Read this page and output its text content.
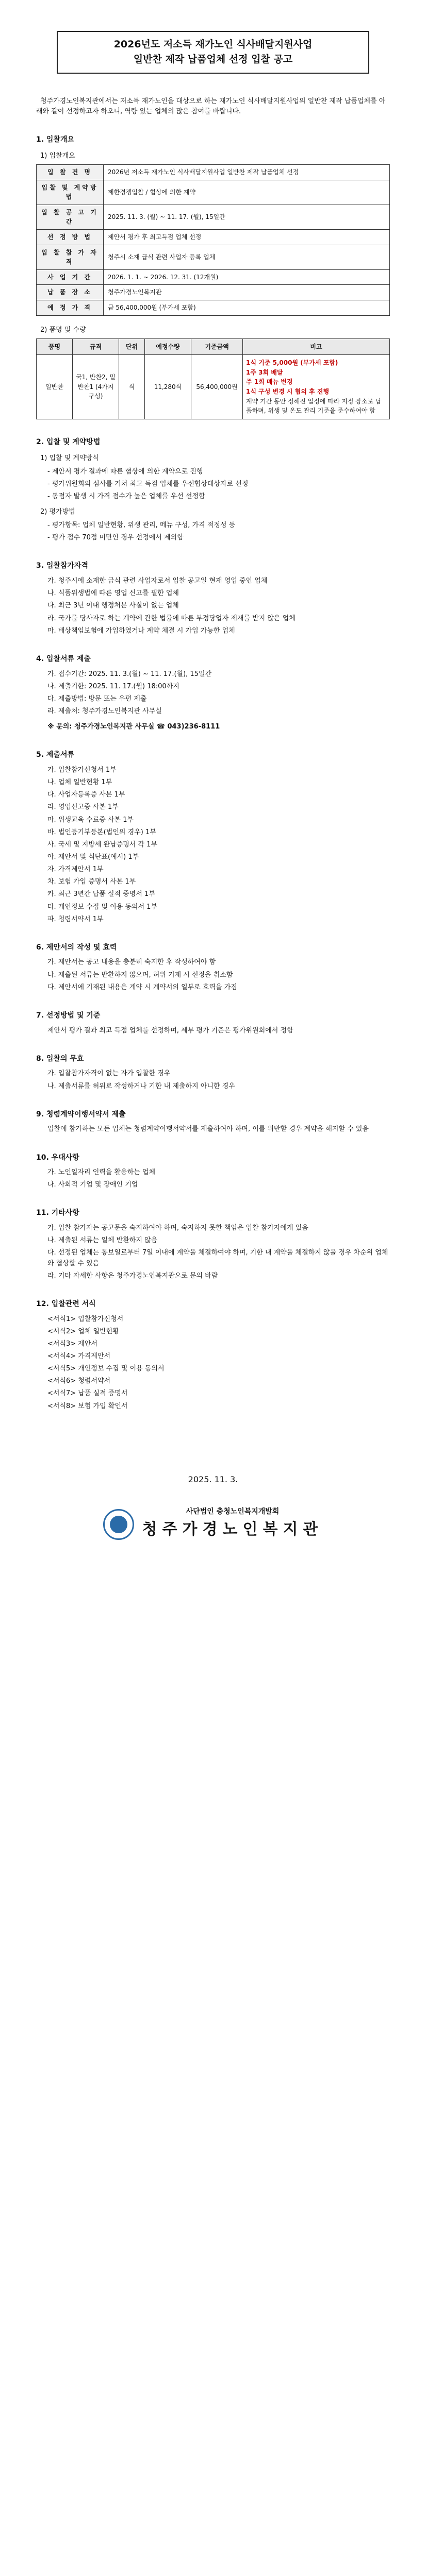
2026년도 저소득 재가노인 식사배달지원사업
일반찬 제작 납품업체 선정 입찰 공고

청주가경노인복지관에서는 저소득 재가노인을 대상으로 하는 재가노인 식사배달지원사업의 일반찬 제작 납품업체를 아래와 같이 선정하고자 하오니, 역량 있는 업체의 많은 참여를 바랍니다.

1. 입찰개요
1) 입찰개요
입 찰 건 명	2026년 저소득 재가노인 식사배달지원사업 일반찬 제작 납품업체 선정
입찰 및 계약방법	제한경쟁입찰 / 협상에 의한 계약
입 찰 공 고 기 간	2025. 11. 3. (월) ~ 11. 17. (월), 15일간
선 정 방 법	제안서 평가 후 최고득점 업체 선정
입 찰 참 가 자 격	청주시 소재 급식 관련 사업자 등록 업체
사 업 기 간	2026. 1. 1. ~ 2026. 12. 31. (12개월)
납 품 장 소	청주가경노인복지관
예 정 가 격	금 56,400,000원 (부가세 포함)
2) 품명 및 수량
품명	규격	단위	예정수량	기준금액	비고
일반찬	국1, 반찬2, 밑반찬1 (4가지 구성)	식	11,280식	56,400,000원	1식 기준 5,000원 (부가세 포함)
1주 3회 배달
주 1회 메뉴 변경
1식 구성 변경 시 협의 후 진행
계약 기간 동안 정해진 일정에 따라 지정 장소로 납품하며, 위생 및 온도 관리 기준을 준수하여야 함
2. 입찰 및 계약방법
1) 입찰 및 계약방식

- 제안서 평가 결과에 따른 협상에 의한 계약으로 진행

- 평가위원회의 심사를 거쳐 최고 득점 업체를 우선협상대상자로 선정

- 동점자 발생 시 가격 점수가 높은 업체를 우선 선정함

2) 평가방법

- 평가항목: 업체 일반현황, 위생 관리, 메뉴 구성, 가격 적정성 등

- 평가 점수 70점 미만인 경우 선정에서 제외함

3. 입찰참가자격

가. 청주시에 소재한 급식 관련 사업자로서 입찰 공고일 현재 영업 중인 업체

나. 식품위생법에 따른 영업 신고를 필한 업체

다. 최근 3년 이내 행정처분 사실이 없는 업체

라. 국가를 당사자로 하는 계약에 관한 법률에 따른 부정당업자 제재를 받지 않은 업체

마. 배상책임보험에 가입하였거나 계약 체결 시 가입 가능한 업체

4. 입찰서류 제출

가. 접수기간: 2025. 11. 3.(월) ~ 11. 17.(월), 15일간

나. 제출기한: 2025. 11. 17.(월) 18:00까지

다. 제출방법: 방문 또는 우편 제출

라. 제출처: 청주가경노인복지관 사무실

※ 문의: 청주가경노인복지관 사무실 ☎ 043)236-8111
5. 제출서류

가. 입찰참가신청서 1부

나. 업체 일반현황 1부

다. 사업자등록증 사본 1부

라. 영업신고증 사본 1부

마. 위생교육 수료증 사본 1부

바. 법인등기부등본(법인의 경우) 1부

사. 국세 및 지방세 완납증명서 각 1부

아. 제안서 및 식단표(예시) 1부

자. 가격제안서 1부

차. 보험 가입 증명서 사본 1부

카. 최근 3년간 납품 실적 증명서 1부

타. 개인정보 수집 및 이용 동의서 1부

파. 청렴서약서 1부

6. 제안서의 작성 및 효력

가. 제안서는 공고 내용을 충분히 숙지한 후 작성하여야 함

나. 제출된 서류는 반환하지 않으며, 허위 기재 시 선정을 취소함

다. 제안서에 기재된 내용은 계약 시 계약서의 일부로 효력을 가짐

7. 선정방법 및 기준

제안서 평가 결과 최고 득점 업체를 선정하며, 세부 평가 기준은 평가위원회에서 정함

8. 입찰의 무효

가. 입찰참가자격이 없는 자가 입찰한 경우

나. 제출서류를 허위로 작성하거나 기한 내 제출하지 아니한 경우

9. 청렴계약이행서약서 제출

입찰에 참가하는 모든 업체는 청렴계약이행서약서를 제출하여야 하며, 이를 위반할 경우 계약을 해지할 수 있음

10. 우대사항

가. 노인일자리 인력을 활용하는 업체

나. 사회적 기업 및 장애인 기업

11. 기타사항

가. 입찰 참가자는 공고문을 숙지하여야 하며, 숙지하지 못한 책임은 입찰 참가자에게 있음

나. 제출된 서류는 일체 반환하지 않음

다. 선정된 업체는 통보일로부터 7일 이내에 계약을 체결하여야 하며, 기한 내 계약을 체결하지 않을 경우 차순위 업체와 협상할 수 있음

라. 기타 자세한 사항은 청주가경노인복지관으로 문의 바람

12. 입찰관련 서식

<서식1> 입찰참가신청서

<서식2> 업체 일반현황

<서식3> 제안서

<서식4> 가격제안서

<서식5> 개인정보 수집 및 이용 동의서

<서식6> 청렴서약서

<서식7> 납품 실적 증명서

<서식8> 보험 가입 확인서

2025. 11. 3.
사단법인 충청노인복지개발회
청주가경노인복지관
